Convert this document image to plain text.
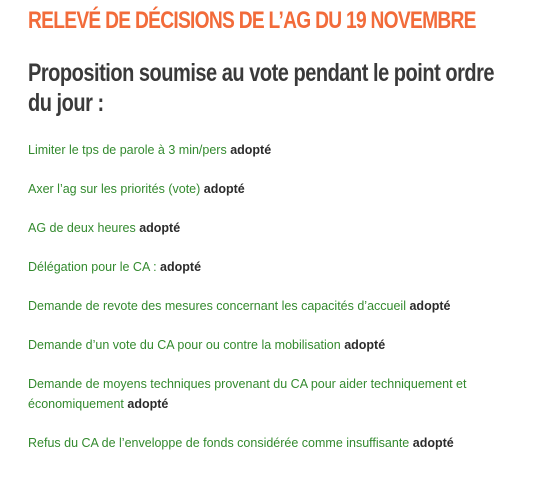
RELEVÉ DE DÉCISIONS DE L’AG DU 19 NOVEMBRE
Proposition soumise au vote pendant le point ordre du jour :
Limiter le tps de parole à 3 min/pers adopté
Axer l’ag sur les priorités (vote) adopté
AG de deux heures adopté
Délégation pour le CA : adopté
Demande de revote des mesures concernant les capacités d’accueil adopté
Demande d’un vote du CA pour ou contre la mobilisation adopté
Demande de moyens techniques provenant du CA pour aider techniquement et économiquement adopté
Refus du CA de l’enveloppe de fonds considérée comme insuffisante adopté
